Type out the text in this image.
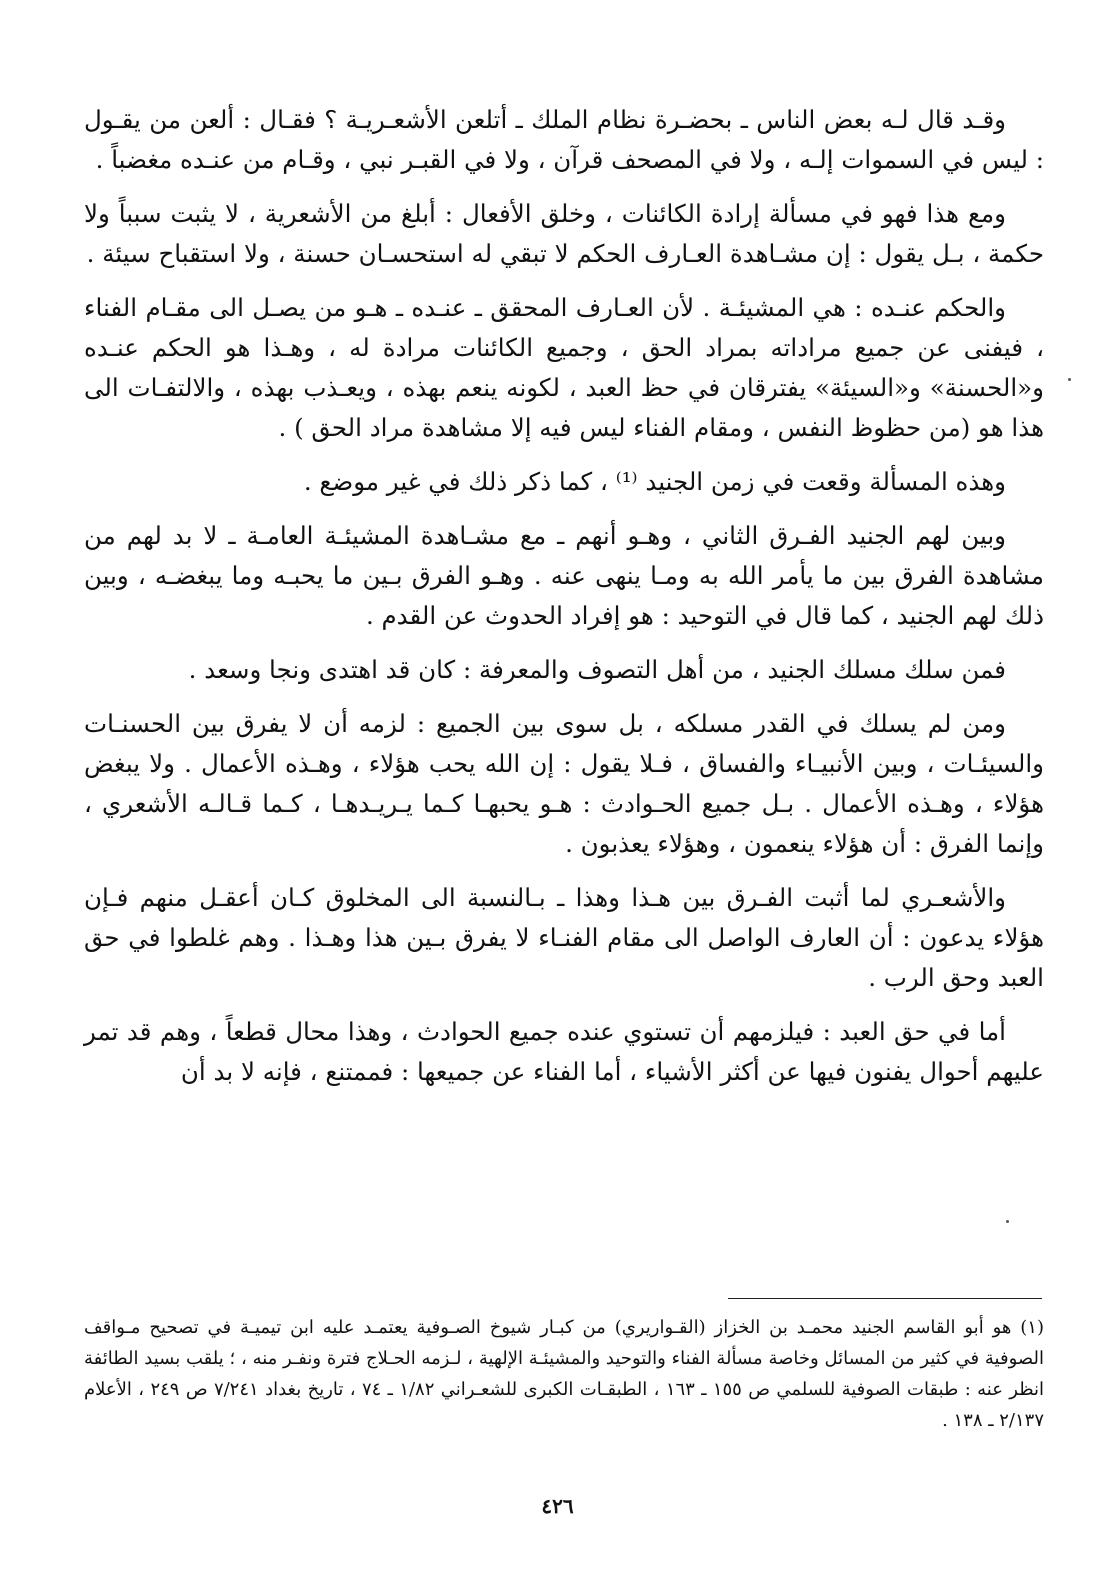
وقـد قال لـه بعض الناس ـ بحضـرة نظام الملك ـ أتلعن الأشعـريـة ؟ فقـال : ألعن من يقـول : ليس في السموات إلـه ، ولا في المصحف قرآن ، ولا في القبـر نبي ، وقـام من عنـده مغضباً .

ومع هذا فهو في مسألة إرادة الكائنات ، وخلق الأفعال : أبلغ من الأشعرية ، لا يثبت سبباً ولا حكمة ، بـل يقول : إن مشـاهدة العـارف الحكم لا تبقي له استحسـان حسنة ، ولا استقباح سيئة .

والحكم عنـده : هي المشيئـة . لأن العـارف المحقق ـ عنـده ـ هـو من يصـل الى مقـام الفناء ، فيفنى عن جميع مراداته بمراد الحق ، وجميع الكائنات مرادة له ، وهـذا هو الحكم عنـده و«الحسنة» و«السيئة» يفترقان في حظ العبد ، لكونه ينعم بهذه ، ويعـذب بهذه ، والالتفـات الى هذا هو (من حظوظ النفس ، ومقام الفناء ليس فيه إلا مشاهدة مراد الحق ) .

وهذه المسألة وقعت في زمن الجنيد ⁽¹⁾ ، كما ذكر ذلك في غير موضع .

وبين لهم الجنيد الفـرق الثاني ، وهـو أنهم ـ مع مشـاهدة المشيئـة العامـة ـ لا بد لهم من مشاهدة الفرق بين ما يأمر الله به ومـا ينهى عنه . وهـو الفرق بـين ما يحبـه وما يبغضـه ، وبين ذلك لهم الجنيد ، كما قال في التوحيد : هو إفراد الحدوث عن القدم .

فمن سلك مسلك الجنيد ، من أهل التصوف والمعرفة : كان قد اهتدى ونجا وسعد .

ومن لم يسلك في القدر مسلكه ، بل سوى بين الجميع : لزمه أن لا يفرق بين الحسنـات والسيئـات ، وبين الأنبيـاء والفساق ، فـلا يقول : إن الله يحب هؤلاء ، وهـذه الأعمال . ولا يبغض هؤلاء ، وهـذه الأعمال . بـل جميع الحـوادث : هـو يحبهـا كـما يـريـدهـا ، كـما قـالـه الأشعري ، وإنما الفرق : أن هؤلاء ينعمون ، وهؤلاء يعذبون .

والأشعـري لما أثبت الفـرق بين هـذا وهذا ـ بـالنسبة الى المخلوق كـان أعقـل منهم فـإن هؤلاء يدعون : أن العارف الواصل الى مقام الفنـاء لا يفرق بـين هذا وهـذا . وهم غلطوا في حق العبد وحق الرب .

أما في حق العبد : فيلزمهم أن تستوي عنده جميع الحوادث ، وهذا محال قطعاً ، وهم قد تمر عليهم أحوال يفنون فيها عن أكثر الأشياء ، أما الفناء عن جميعها : فممتنع ، فإنه لا بد أن

(١) هو أبو القاسم الجنيد محمـد بن الخزاز (القـواريري) من كبـار شيوخ الصـوفية يعتمـد عليه ابن تيميـة في تصحيح مـواقف الصوفية في كثير من المسائل وخاصة مسألة الفناء والتوحيد والمشيئـة الإلهية ، لـزمه الحـلاج فترة ونفـر منه ، ؛ يلقب بسيد الطائفة انظر عنه : طبقات الصوفية للسلمي ص ١٥٥ ـ ١٦٣ ، الطبقـات الكبرى للشعـراني ١/٨٢ ـ ٧٤ ، تاريخ بغداد ٧/٢٤١ ص ٢٤٩ ، الأعلام ٢/١٣٧ ـ ١٣٨ .

٤٢٦
